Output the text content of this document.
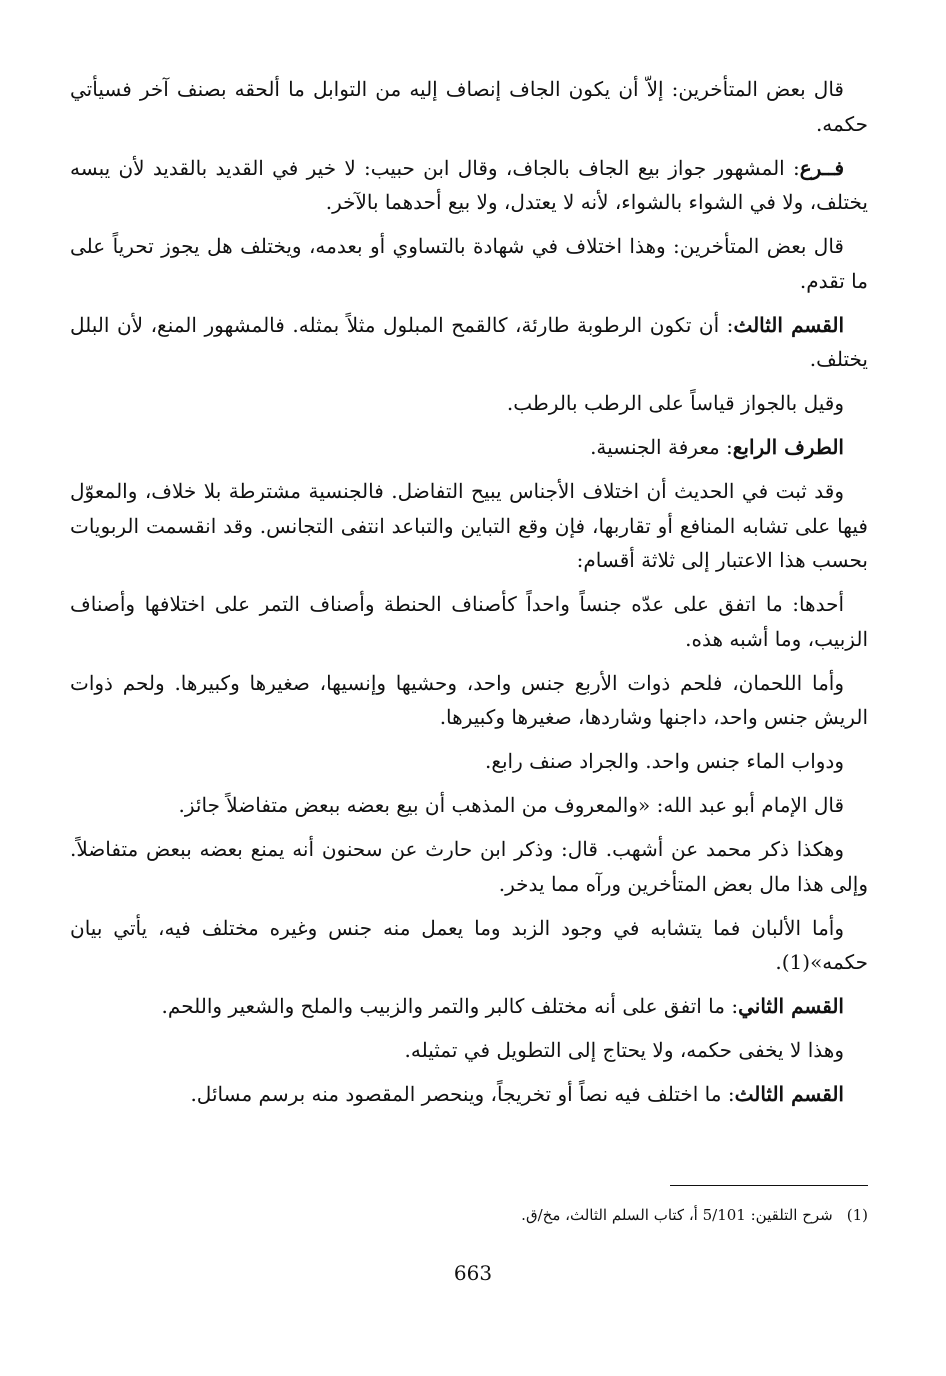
قال بعض المتأخرين: إلاّ أن يكون الجاف إنصاف إليه من التوابل ما ألحقه بصنف آخر فسيأتي حكمه.

فــرع: المشهور جواز بيع الجاف بالجاف، وقال ابن حبيب: لا خير في القديد بالقديد لأن يبسه يختلف، ولا في الشواء بالشواء، لأنه لا يعتدل، ولا بيع أحدهما بالآخر.

قال بعض المتأخرين: وهذا اختلاف في شهادة بالتساوي أو بعدمه، ويختلف هل يجوز تحرياً على ما تقدم.

القسم الثالث: أن تكون الرطوبة طارئة، كالقمح المبلول مثلاً بمثله. فالمشهور المنع، لأن البلل يختلف.

وقيل بالجواز قياساً على الرطب بالرطب.

الطرف الرابع: معرفة الجنسية.

وقد ثبت في الحديث أن اختلاف الأجناس يبيح التفاضل. فالجنسية مشترطة بلا خلاف، والمعوّل فيها على تشابه المنافع أو تقاربها، فإن وقع التباين والتباعد انتفى التجانس. وقد انقسمت الربويات بحسب هذا الاعتبار إلى ثلاثة أقسام:

أحدها: ما اتفق على عدّه جنساً واحداً كأصناف الحنطة وأصناف التمر على اختلافها وأصناف الزبيب، وما أشبه هذه.

وأما اللحمان، فلحم ذوات الأربع جنس واحد، وحشيها وإنسيها، صغيرها وكبيرها. ولحم ذوات الريش جنس واحد، داجنها وشاردها، صغيرها وكبيرها.

ودواب الماء جنس واحد. والجراد صنف رابع.

قال الإمام أبو عبد الله: «والمعروف من المذهب أن بيع بعضه ببعض متفاضلاً جائز.

وهكذا ذكر محمد عن أشهب. قال: وذكر ابن حارث عن سحنون أنه يمنع بعضه ببعض متفاضلاً. وإلى هذا مال بعض المتأخرين ورآه مما يدخر.

وأما الألبان فما يتشابه في وجود الزبد وما يعمل منه جنس وغيره مختلف فيه، يأتي بيان حكمه»(1).

القسم الثاني: ما اتفق على أنه مختلف كالبر والتمر والزبيب والملح والشعير واللحم.

وهذا لا يخفى حكمه، ولا يحتاج إلى التطويل في تمثيله.

القسم الثالث: ما اختلف فيه نصاً أو تخريجاً، وينحصر المقصود منه برسم مسائل.

(1)شرح التلقين: 5/101 أ، كتاب السلم الثالث، مخ/ق.

663
